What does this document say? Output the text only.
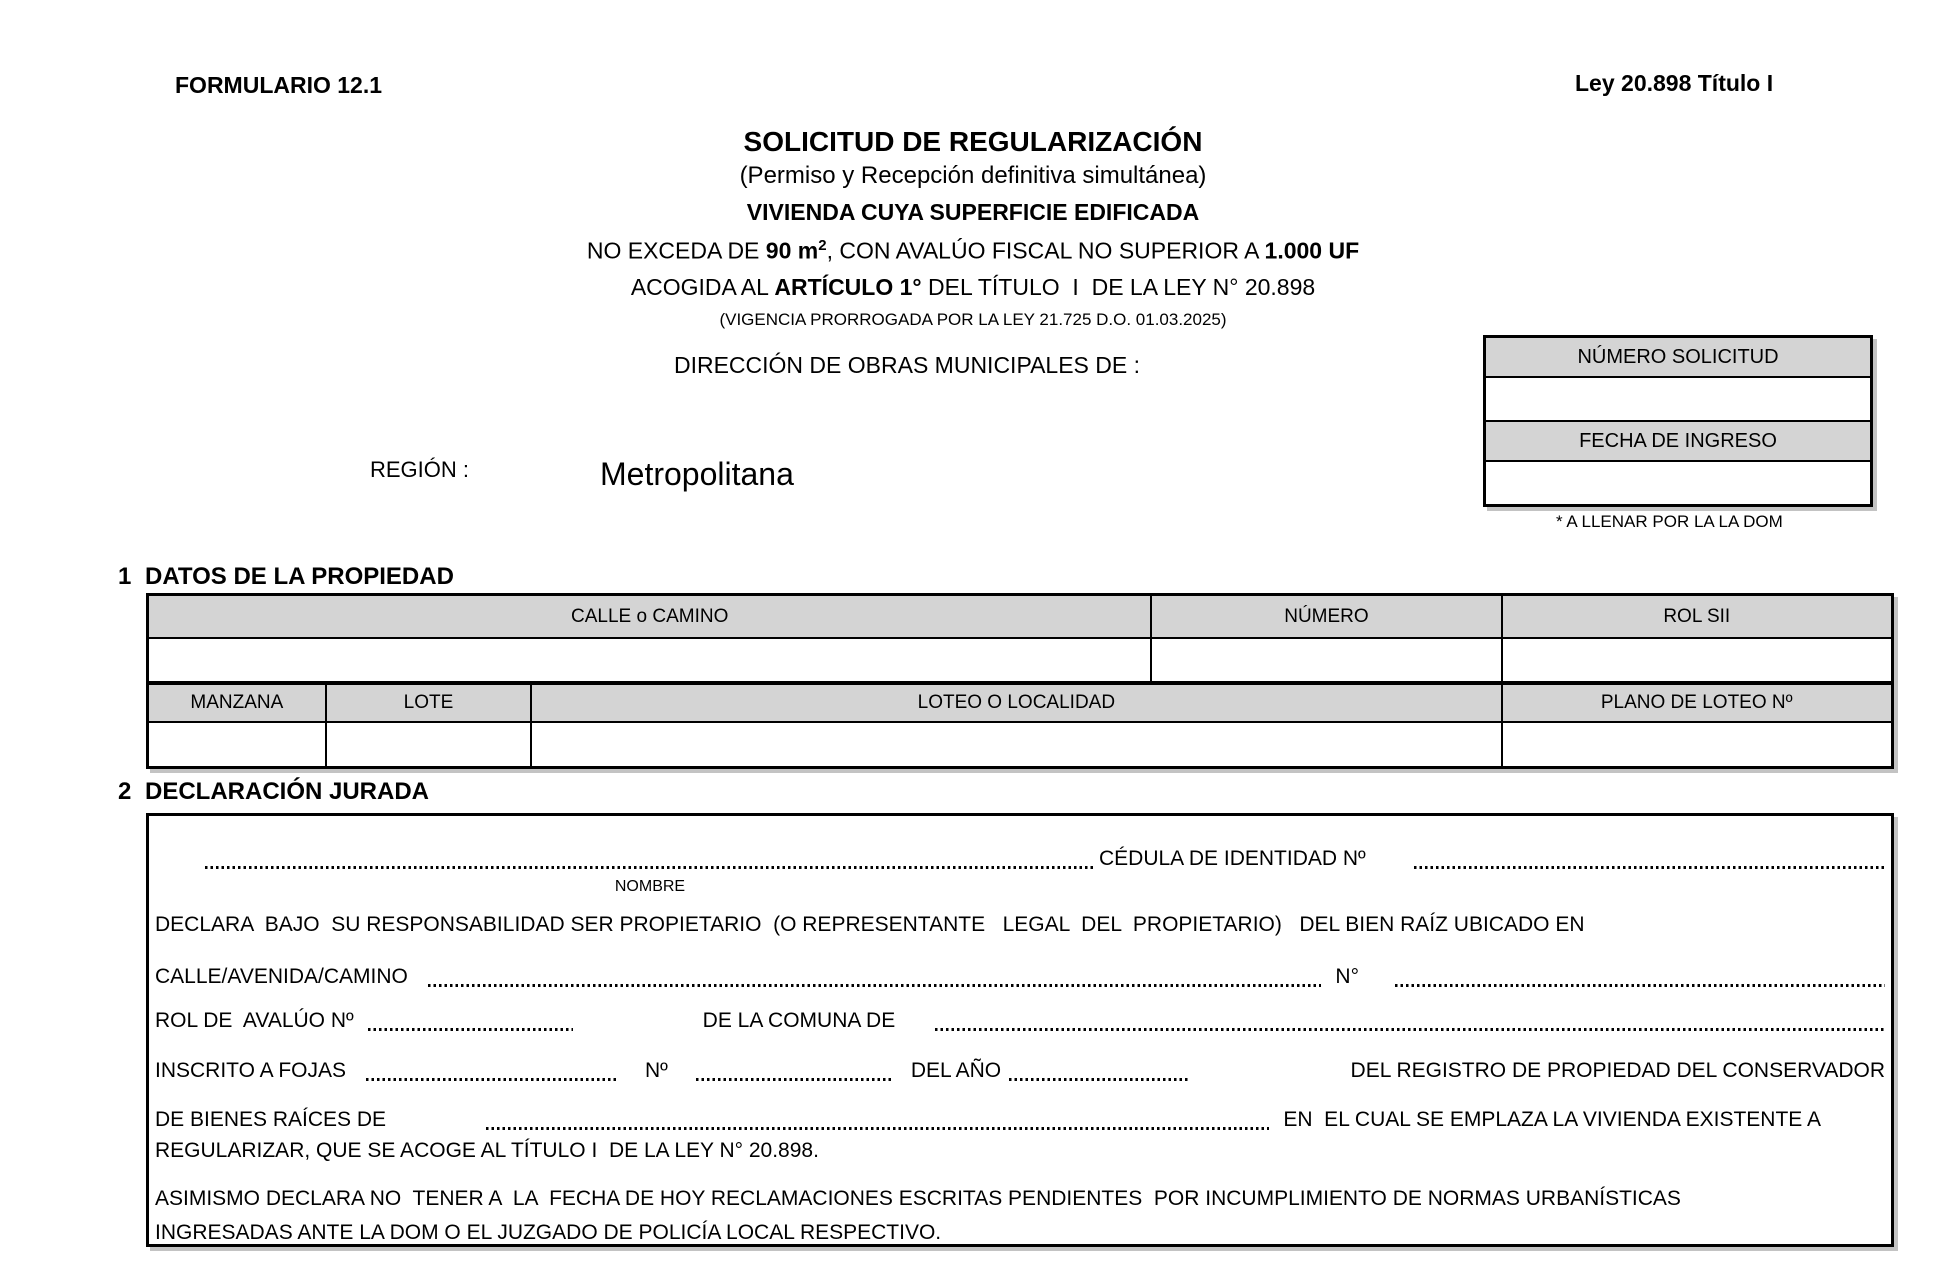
FORMULARIO 12.1	Ley 20.898 Título I
SOLICITUD DE REGULARIZACIÓN
(Permiso y Recepción definitiva simultánea)
VIVIENDA CUYA SUPERFICIE EDIFICADA
NO EXCEDA DE 90 $m^2$, CON AVALÚO FISCAL NO SUPERIOR A 1.000 UF
ACOGIDA AL ARTÍCULO 1° DEL TÍTULO  I  DE LA LEY N° 20.898
(VIGENCIA PRORROGADA POR LA LEY 21.725 D.O. 01.03.2025)
DIRECCIÓN DE OBRAS MUNICIPALES DE :	NÚMERO SOLICITUD
FECHA DE INGRESO
* A LLENAR POR LA LA DOM
REGIÓN :	Metropolitana
1 DATOS DE LA PROPIEDAD
CALLE o CAMINO	NÚMERO	ROL SII
MANZANA	LOTE	LOTEO O LOCALIDAD	PLANO DE LOTEO Nº
2 DECLARACIÓN JURADA
CÉDULA DE IDENTIDAD Nº
NOMBRE
DECLARA  BAJO  SU RESPONSABILIDAD SER PROPIETARIO  (O REPRESENTANTE   LEGAL  DEL  PROPIETARIO)   DEL BIEN RAÍZ UBICADO EN
CALLE/AVENIDA/CAMINO	N°
ROL DE  AVALÚO Nº	DE LA COMUNA DE
INSCRITO A FOJAS	Nº	DEL AÑO	DEL REGISTRO DE PROPIEDAD DEL CONSERVADOR
DE BIENES RAÍCES DE	EN  EL CUAL SE EMPLAZA LA VIVIENDA EXISTENTE A
REGULARIZAR, QUE SE ACOGE AL TÍTULO I  DE LA LEY N° 20.898.
ASIMISMO DECLARA NO  TENER A  LA  FECHA DE HOY RECLAMACIONES ESCRITAS PENDIENTES  POR INCUMPLIMIENTO DE NORMAS URBANÍSTICAS
INGRESADAS ANTE LA DOM O EL JUZGADO DE POLICÍA LOCAL RESPECTIVO.
